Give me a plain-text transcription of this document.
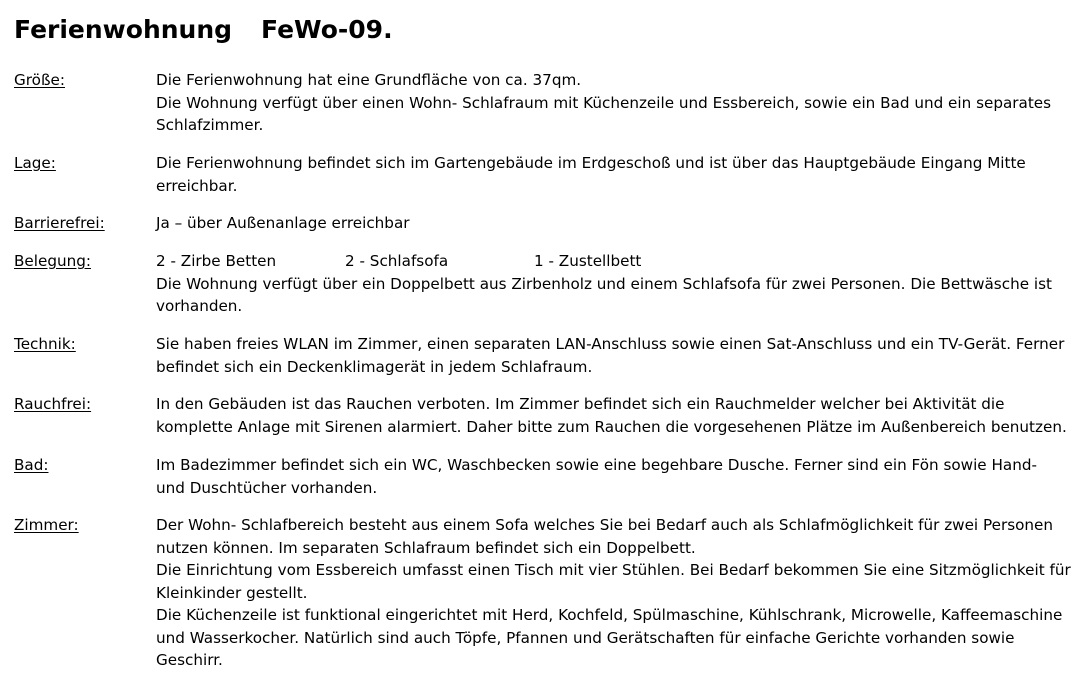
Ferienwohnung FeWo-09.
Größe:	Die Ferienwohnung hat eine Grundfläche von ca. 37qm.
Die Wohnung verfügt über einen Wohn- Schlafraum mit Küchenzeile und Essbereich, sowie ein Bad und ein separates
Schlafzimmer.
Lage:	Die Ferienwohnung befindet sich im Gartengebäude im Erdgeschoß und ist über das Hauptgebäude Eingang Mitte
erreichbar.
Barrierefrei:	Ja – über Außenanlage erreichbar
Belegung:	2 - Zirbe Betten	2 - Schlafsofa	1 - Zustellbett
Die Wohnung verfügt über ein Doppelbett aus Zirbenholz und einem Schlafsofa für zwei Personen. Die Bettwäsche ist
vorhanden.
Technik:	Sie haben freies WLAN im Zimmer, einen separaten LAN-Anschluss sowie einen Sat-Anschluss und ein TV-Gerät. Ferner
befindet sich ein Deckenklimagerät in jedem Schlafraum.
Rauchfrei:	In den Gebäuden ist das Rauchen verboten. Im Zimmer befindet sich ein Rauchmelder welcher bei Aktivität die
komplette Anlage mit Sirenen alarmiert. Daher bitte zum Rauchen die vorgesehenen Plätze im Außenbereich benutzen.
Bad:	Im Badezimmer befindet sich ein WC, Waschbecken sowie eine begehbare Dusche. Ferner sind ein Fön sowie Hand-
und Duschtücher vorhanden.
Zimmer:	Der Wohn- Schlafbereich besteht aus einem Sofa welches Sie bei Bedarf auch als Schlafmöglichkeit für zwei Personen
nutzen können. Im separaten Schlafraum befindet sich ein Doppelbett.
Die Einrichtung vom Essbereich umfasst einen Tisch mit vier Stühlen. Bei Bedarf bekommen Sie eine Sitzmöglichkeit für
Kleinkinder gestellt.
Die Küchenzeile ist funktional eingerichtet mit Herd, Kochfeld, Spülmaschine, Kühlschrank, Microwelle, Kaffeemaschine
und Wasserkocher. Natürlich sind auch Töpfe, Pfannen und Gerätschaften für einfache Gerichte vorhanden sowie
Geschirr.
